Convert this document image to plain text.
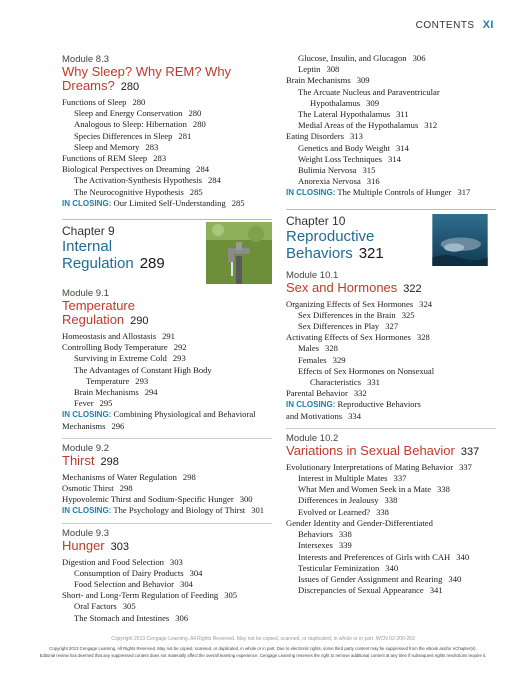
CONTENTS XI
Module 8.3
Why Sleep? Why REM? Why
Dreams? 280
Functions of Sleep 280
Sleep and Energy Conservation 280
Analogous to Sleep: Hibernation 280
Species Differences in Sleep 281
Sleep and Memory 283
Functions of REM Sleep 283
Biological Perspectives on Dreaming 284
The Activation-Synthesis Hypothesis 284
The Neurocognitive Hypothesis 285
IN CLOSING: Our Limited Self-Understanding 285
Chapter 9
Internal
Regulation 289
Module 9.1
Temperature
Regulation 290
Homeostasis and Allostasis 291
Controlling Body Temperature 292
Surviving in Extreme Cold 293
The Advantages of Constant High Body
Temperature 293
Brain Mechanisms 294
Fever 295
IN CLOSING: Combining Physiological and Behavioral
Mechanisms 296
Module 9.2
Thirst 298
Mechanisms of Water Regulation 298
Osmotic Thirst 298
Hypovolemic Thirst and Sodium-Specific Hunger 300
IN CLOSING: The Psychology and Biology of Thirst 301
Module 9.3
Hunger 303
Digestion and Food Selection 303
Consumption of Dairy Products 304
Food Selection and Behavior 304
Short- and Long-Term Regulation of Feeding 305
Oral Factors 305
The Stomach and Intestines 306
Glucose, Insulin, and Glucagon 306
Leptin 308
Brain Mechanisms 309
The Arcuate Nucleus and Paraventricular
Hypothalamus 309
The Lateral Hypothalamus 311
Medial Areas of the Hypothalamus 312
Eating Disorders 313
Genetics and Body Weight 314
Weight Loss Techniques 314
Bulimia Nervosa 315
Anorexia Nervosa 316
IN CLOSING: The Multiple Controls of Hunger 317
Chapter 10
Reproductive
Behaviors 321
Module 10.1
Sex and Hormones 322
Organizing Effects of Sex Hormones 324
Sex Differences in the Brain 325
Sex Differences in Play 327
Activating Effects of Sex Hormones 328
Males 328
Females 329
Effects of Sex Hormones on Nonsexual
Characteristics 331
Parental Behavior 332
IN CLOSING: Reproductive Behaviors
and Motivations 334
Module 10.2
Variations in Sexual Behavior 337
Evolutionary Interpretations of Mating Behavior 337
Interest in Multiple Mates 337
What Men and Women Seek in a Mate 338
Differences in Jealousy 338
Evolved or Learned? 338
Gender Identity and Gender-Differentiated
Behaviors 338
Intersexes 339
Interests and Preferences of Girls with CAH 340
Testicular Feminization 340
Issues of Gender Assignment and Rearing 340
Discrepancies of Sexual Appearance 341
Copyright 2013 Cengage Learning. All Rights Reserved. May not be copied, scanned, or duplicated, in whole or in part. WCN 02-200-203
Copyright 2013 Cengage Learning. All Rights Reserved. May not be copied, scanned, or duplicated, in whole or in part. Due to electronic rights, some third party content may be suppressed from the eBook and/or eChapter(s).
Editorial review has deemed that any suppressed content does not materially affect the overall learning experience. Cengage Learning reserves the right to remove additional content at any time if subsequent rights restrictions require it.
